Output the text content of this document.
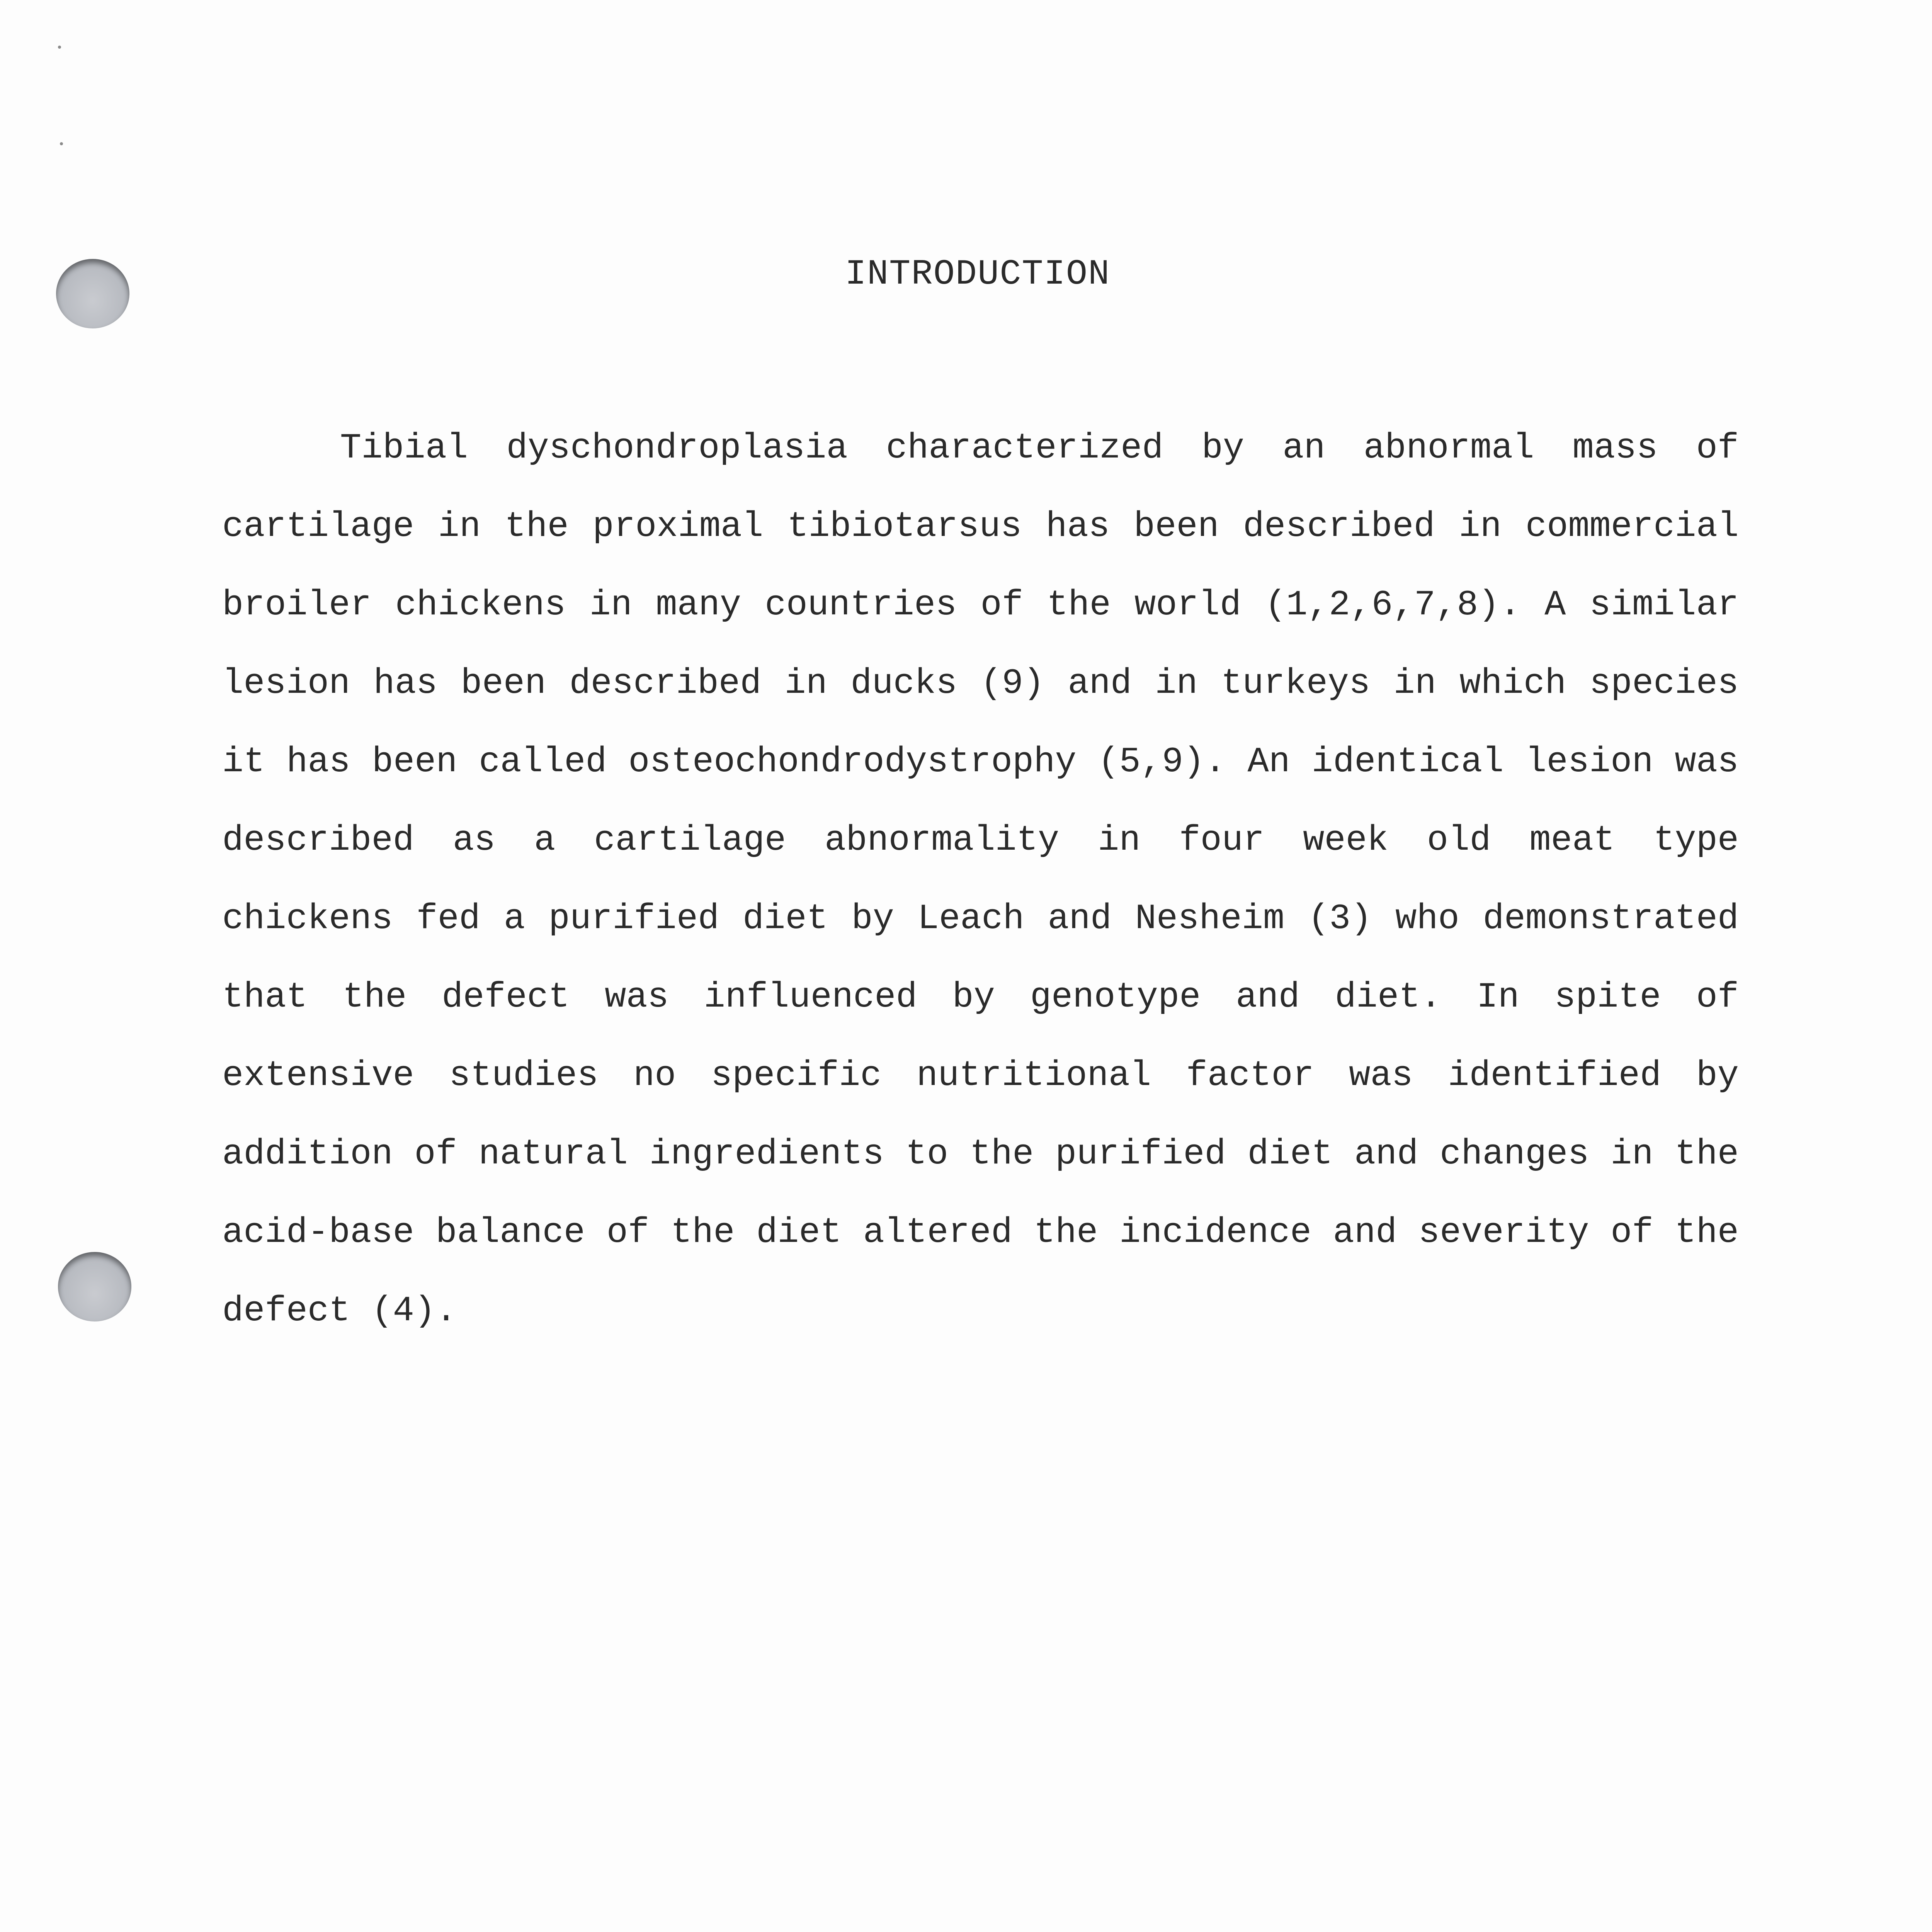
INTRODUCTION

Tibial dyschondroplasia characterized by an abnormal mass of cartilage in the proximal tibiotarsus has been described in commercial broiler chickens in many countries of the world (1,2,6,7,8). A similar lesion has been described in ducks (9) and in turkeys in which species it has been called osteochondrodystrophy (5,9). An identical lesion was described as a cartilage abnormality in four week old meat type chickens fed a purified diet by Leach and Nesheim (3) who demonstrated that the defect was influenced by genotype and diet. In spite of extensive studies no specific nutritional factor was identified by addition of natural ingredients to the purified diet and changes in the acid-base balance of the diet altered the incidence and severity of the defect (4).
